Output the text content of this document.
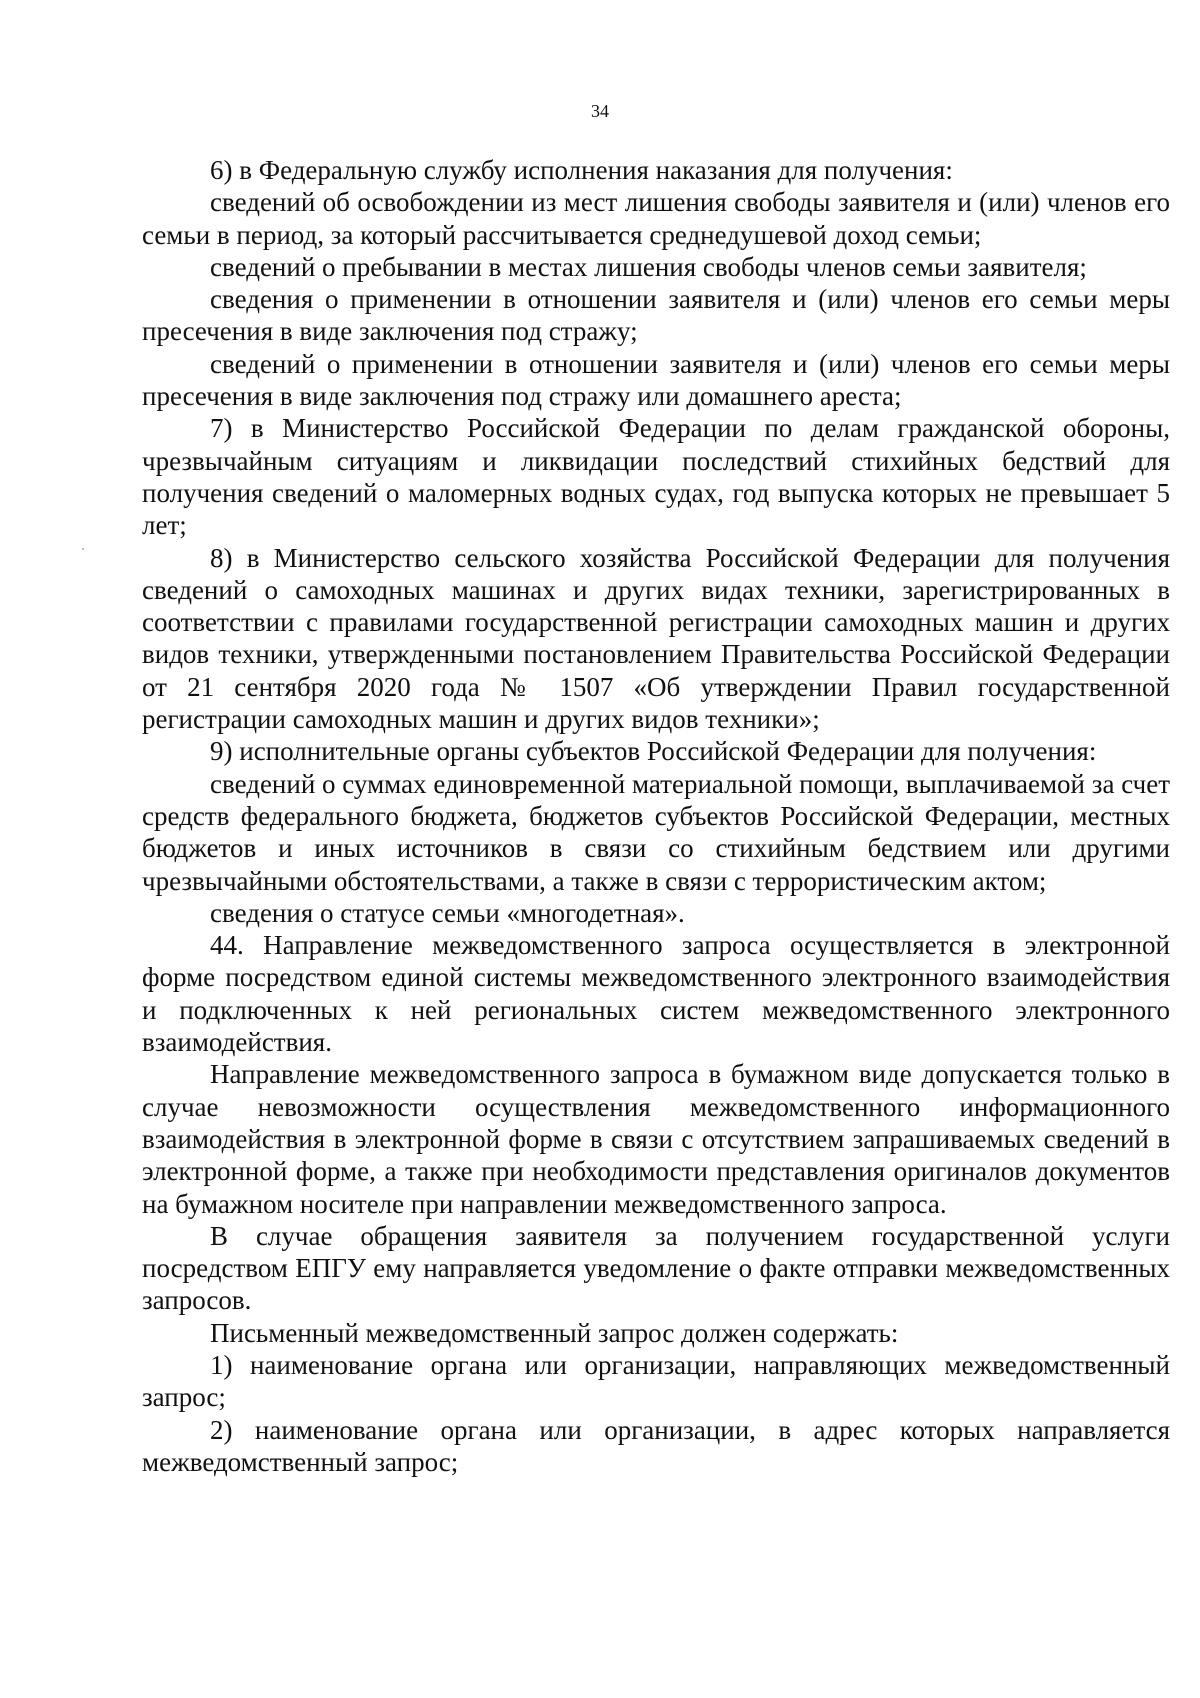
34

6) в Федеральную службу исполнения наказания для получения:

сведений об освобождении из мест лишения свободы заявителя и (или) членов его семьи в период, за который рассчитывается среднедушевой доход семьи;

сведений о пребывании в местах лишения свободы членов семьи заявителя;

сведения о применении в отношении заявителя и (или) членов его семьи меры пресечения в виде заключения под стражу;

сведений о применении в отношении заявителя и (или) членов его семьи меры пресечения в виде заключения под стражу или домашнего ареста;

7) в Министерство Российской Федерации по делам гражданской обороны, чрезвычайным ситуациям и ликвидации последствий стихийных бедствий для получения сведений о маломерных водных судах, год выпуска которых не превышает 5 лет;

8) в Министерство сельского хозяйства Российской Федерации для получения сведений о самоходных машинах и других видах техники, зарегистрированных в соответствии с правилами государственной регистрации самоходных машин и других видов техники, утвержденными постановлением Правительства Российской Федерации от 21 сентября 2020 года № 1507 «Об утверждении Правил государственной регистрации самоходных машин и других видов техники»;

9) исполнительные органы субъектов Российской Федерации для получения:

сведений о суммах единовременной материальной помощи, выплачиваемой за счет средств федерального бюджета, бюджетов субъектов Российской Федерации, местных бюджетов и иных источников в связи со стихийным бедствием или другими чрезвычайными обстоятельствами, а также в связи с террористическим актом;

сведения о статусе семьи «многодетная».

44. Направление межведомственного запроса осуществляется в электронной форме посредством единой системы межведомственного электронного взаимодействия и подключенных к ней региональных систем межведомственного электронного взаимодействия.

Направление межведомственного запроса в бумажном виде допускается только в случае невозможности осуществления межведомственного информационного взаимодействия в электронной форме в связи с отсутствием запрашиваемых сведений в электронной форме, а также при необходимости представления оригиналов документов на бумажном носителе при направлении межведомственного запроса.

В случае обращения заявителя за получением государственной услуги посредством ЕПГУ ему направляется уведомление о факте отправки межведомственных запросов.

Письменный межведомственный запрос должен содержать:

1) наименование органа или организации, направляющих межведомственный запрос;

2) наименование органа или организации, в адрес которых направляется межведомственный запрос;
